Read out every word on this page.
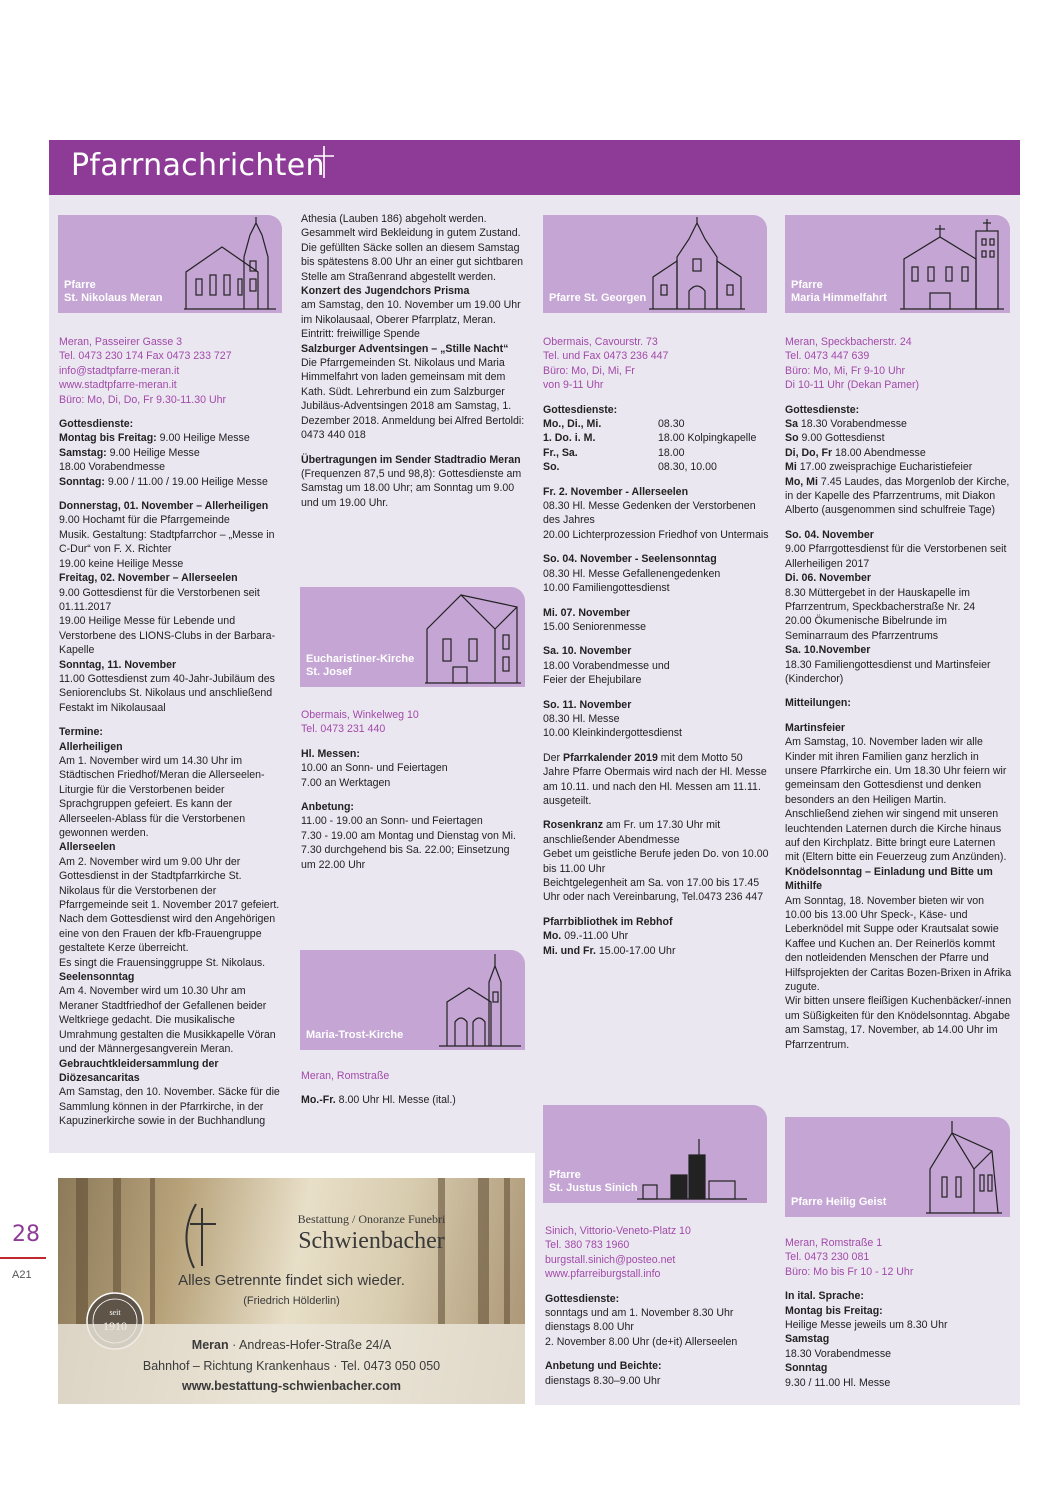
Pfarrnachrichten
Pfarre
St. Nikolaus Meran

Meran, Passeirer Gasse 3

Tel. 0473 230 174 Fax 0473 233 727

info@stadtpfarre-meran.it

www.stadtpfarre-meran.it

Büro: Mo, Di, Do, Fr 9.30-11.30 Uhr

Gottesdienste:

Montag bis Freitag: 9.00 Heilige Messe

Samstag: 9.00 Heilige Messe

18.00 Vorabendmesse

Sonntag: 9.00 / 11.00 / 19.00 Heilige Messe

Donnerstag, 01. November – Allerheiligen

9.00 Hochamt für die Pfarrgemeinde

Musik. Gestaltung: Stadtpfarrchor – „Messe in C-Dur“ von F. X. Richter

19.00 keine Heilige Messe

Freitag, 02. November – Allerseelen

9.00 Gottesdienst für die Verstorbenen seit 01.11.2017

19.00 Heilige Messe für Lebende und Verstorbene des LIONS-Clubs in der Barbara-Kapelle

Sonntag, 11. November

11.00 Gottesdienst zum 40-Jahr-Jubiläum des Seniorenclubs St. Nikolaus und anschließend Festakt im Nikolausaal

Termine:

Allerheiligen

Am 1. November wird um 14.30 Uhr im Städtischen Friedhof/Meran die Allerseelen-Liturgie für die Verstorbenen beider Sprachgruppen gefeiert. Es kann der Allerseelen-Ablass für die Verstorbenen gewonnen werden.

Allerseelen

Am 2. November wird um 9.00 Uhr der Gottesdienst in der Stadtpfarrkirche St. Nikolaus für die Verstorbenen der Pfarrgemeinde seit 1. November 2017 gefeiert.

Nach dem Gottesdienst wird den Angehörigen eine von den Frauen der kfb-Frauengruppe gestaltete Kerze überreicht.

Es singt die Frauensinggruppe St. Nikolaus.

Seelensonntag

Am 4. November wird um 10.30 Uhr am Meraner Stadtfriedhof der Gefallenen beider Weltkriege gedacht. Die musikalische Umrahmung gestalten die Musikkapelle Vöran und der Männergesangverein Meran.

Gebrauchtkleidersammlung der Diözesancaritas

Am Samstag, den 10. November. Säcke für die Sammlung können in der Pfarrkirche, in der Kapuzinerkirche sowie in der Buchhandlung

Athesia (Lauben 186) abgeholt werden. Gesammelt wird Bekleidung in gutem Zustand. Die gefüllten Säcke sollen an diesem Samstag bis spätestens 8.00 Uhr an einer gut sichtbaren Stelle am Straßenrand abgestellt werden.

Konzert des Jugendchors Prisma

am Samstag, den 10. November um 19.00 Uhr im Nikolausaal, Oberer Pfarrplatz, Meran. Eintritt: freiwillige Spende

Salzburger Adventsingen – „Stille Nacht“

Die Pfarrgemeinden St. Nikolaus und Maria Himmelfahrt von laden gemeinsam mit dem Kath. Südt. Lehrerbund ein zum Salzburger Jubiläus-Adventsingen 2018 am Samstag, 1. Dezember 2018. Anmeldung bei Alfred Bertoldi: 0473 440 018

Übertragungen im Sender Stadtradio Meran (Frequenzen 87,5 und 98,8): Gottesdienste am Samstag um 18.00 Uhr; am Sonntag um 9.00 und um 19.00 Uhr.

Eucharistiner-Kirche
St. Josef

Obermais, Winkelweg 10

Tel. 0473 231 440

Hl. Messen:

10.00 an Sonn- und Feiertagen

7.00 an Werktagen

Anbetung:

11.00 - 19.00 an Sonn- und Feiertagen

7.30 - 19.00 am Montag und Dienstag von Mi. 7.30 durchgehend bis Sa. 22.00; Einsetzung um 22.00 Uhr

Maria-Trost-Kirche

Meran, Romstraße

Mo.-Fr. 8.00 Uhr Hl. Messe (ital.)

Pfarre St. Georgen

Obermais, Cavourstr. 73

Tel. und Fax 0473 236 447

Büro: Mo, Di, Mi, Fr

von 9-11 Uhr

Gottesdienste:

Mo., Di., Mi.	08.30
1. Do. i. M.	18.00 Kolpingkapelle
Fr., Sa.	18.00
So.	08.30, 10.00

Fr. 2. November - Allerseelen

08.30 Hl. Messe Gedenken der Verstorbenen des Jahres
20.00 Lichterprozession Friedhof von Untermais

So. 04. November - Seelensonntag

08.30 Hl. Messe Gefallenengedenken
10.00 Familiengottesdienst

Mi. 07. November

15.00 Seniorenmesse

Sa. 10. November

18.00 Vorabendmesse und
Feier der Ehejubilare

So. 11. November

08.30 Hl. Messe
10.00 Kleinkindergottesdienst

Der Pfarrkalender 2019 mit dem Motto 50 Jahre Pfarre Obermais wird nach der Hl. Messe am 10.11. und nach den Hl. Messen am 11.11. ausgeteilt.

Rosenkranz am Fr. um 17.30 Uhr mit anschließender Abendmesse

Gebet um geistliche Berufe jeden Do. von 10.00 bis 11.00 Uhr

Beichtgelegenheit am Sa. von 17.00 bis 17.45 Uhr oder nach Vereinbarung, Tel.0473 236 447

Pfarrbibliothek im Rebhof

Mo. 09.-11.00 Uhr

Mi. und Fr. 15.00-17.00 Uhr

Pfarre
St. Justus Sinich

Sinich, Vittorio-Veneto-Platz 10

Tel. 380 783 1960

burgstall.sinich@posteo.net

www.pfarreiburgstall.info

Gottesdienste:

sonntags und am 1. November 8.30 Uhr

dienstags 8.00 Uhr

2. November 8.00 Uhr (de+it) Allerseelen

Anbetung und Beichte:

dienstags 8.30–9.00 Uhr

Pfarre
Maria Himmelfahrt

Meran, Speckbacherstr. 24

Tel. 0473 447 639

Büro: Mo, Mi, Fr 9-10 Uhr

Di 10-11 Uhr (Dekan Pamer)

Gottesdienste:

Sa 18.30 Vorabendmesse

So 9.00 Gottesdienst

Di, Do, Fr 18.00 Abendmesse

Mi 17.00 zweisprachige Eucharistiefeier

Mo, Mi 7.45 Laudes, das Morgenlob der Kirche, in der Kapelle des Pfarrzentrums, mit Diakon Alberto (ausgenommen sind schulfreie Tage)

So. 04. November

9.00 Pfarrgottesdienst für die Verstorbenen seit Allerheiligen 2017

Di. 06. November

8.30 Müttergebet in der Hauskapelle im Pfarrzentrum, Speckbacherstraße Nr. 24

20.00 Ökumenische Bibelrunde im Seminarraum des Pfarrzentrums

Sa. 10.November

18.30 Familiengottesdienst und Martinsfeier (Kinderchor)

Mitteilungen:

Martinsfeier

Am Samstag, 10. November laden wir alle Kinder mit ihren Familien ganz herzlich in unsere Pfarrkirche ein. Um 18.30 Uhr feiern wir gemeinsam den Gottesdienst und denken besonders an den Heiligen Martin. Anschließend ziehen wir singend mit unseren leuchtenden Laternen durch die Kirche hinaus auf den Kirchplatz. Bitte bringt eure Laternen mit (Eltern bitte ein Feuerzeug zum Anzünden).

Knödelsonntag – Einladung und Bitte um Mithilfe

Am Sonntag, 18. November bieten wir von 10.00 bis 13.00 Uhr Speck-, Käse- und Leberknödel mit Suppe oder Krautsalat sowie Kaffee und Kuchen an. Der Reinerlös kommt den notleidenden Menschen der Pfarre und Hilfsprojekten der Caritas Bozen-Brixen in Afrika zugute.

Wir bitten unsere fleißigen Kuchenbäcker/-innen um Süßigkeiten für den Knödelsonntag. Abgabe am Samstag, 17. November, ab 14.00 Uhr im Pfarrzentrum.

Pfarre Heilig Geist

Meran, Romstraße 1

Tel. 0473 230 081

Büro: Mo bis Fr 10 - 12 Uhr

In ital. Sprache:

Montag bis Freitag:

Heilige Messe jeweils um 8.30 Uhr

Samstag

18.30 Vorabendmesse

Sonntag

9.30 / 11.00 Hl. Messe

Bestattung / Onoranze Funebri
Schwienbacher
Alles Getrennte findet sich wieder.
(Friedrich Hölderlin)
seit
Meran · Andreas-Hofer-Straße 24/A
Bahnhof – Richtung Krankenhaus · Tel. 0473 050 050
www.bestattung-schwienbacher.com
28
A21
